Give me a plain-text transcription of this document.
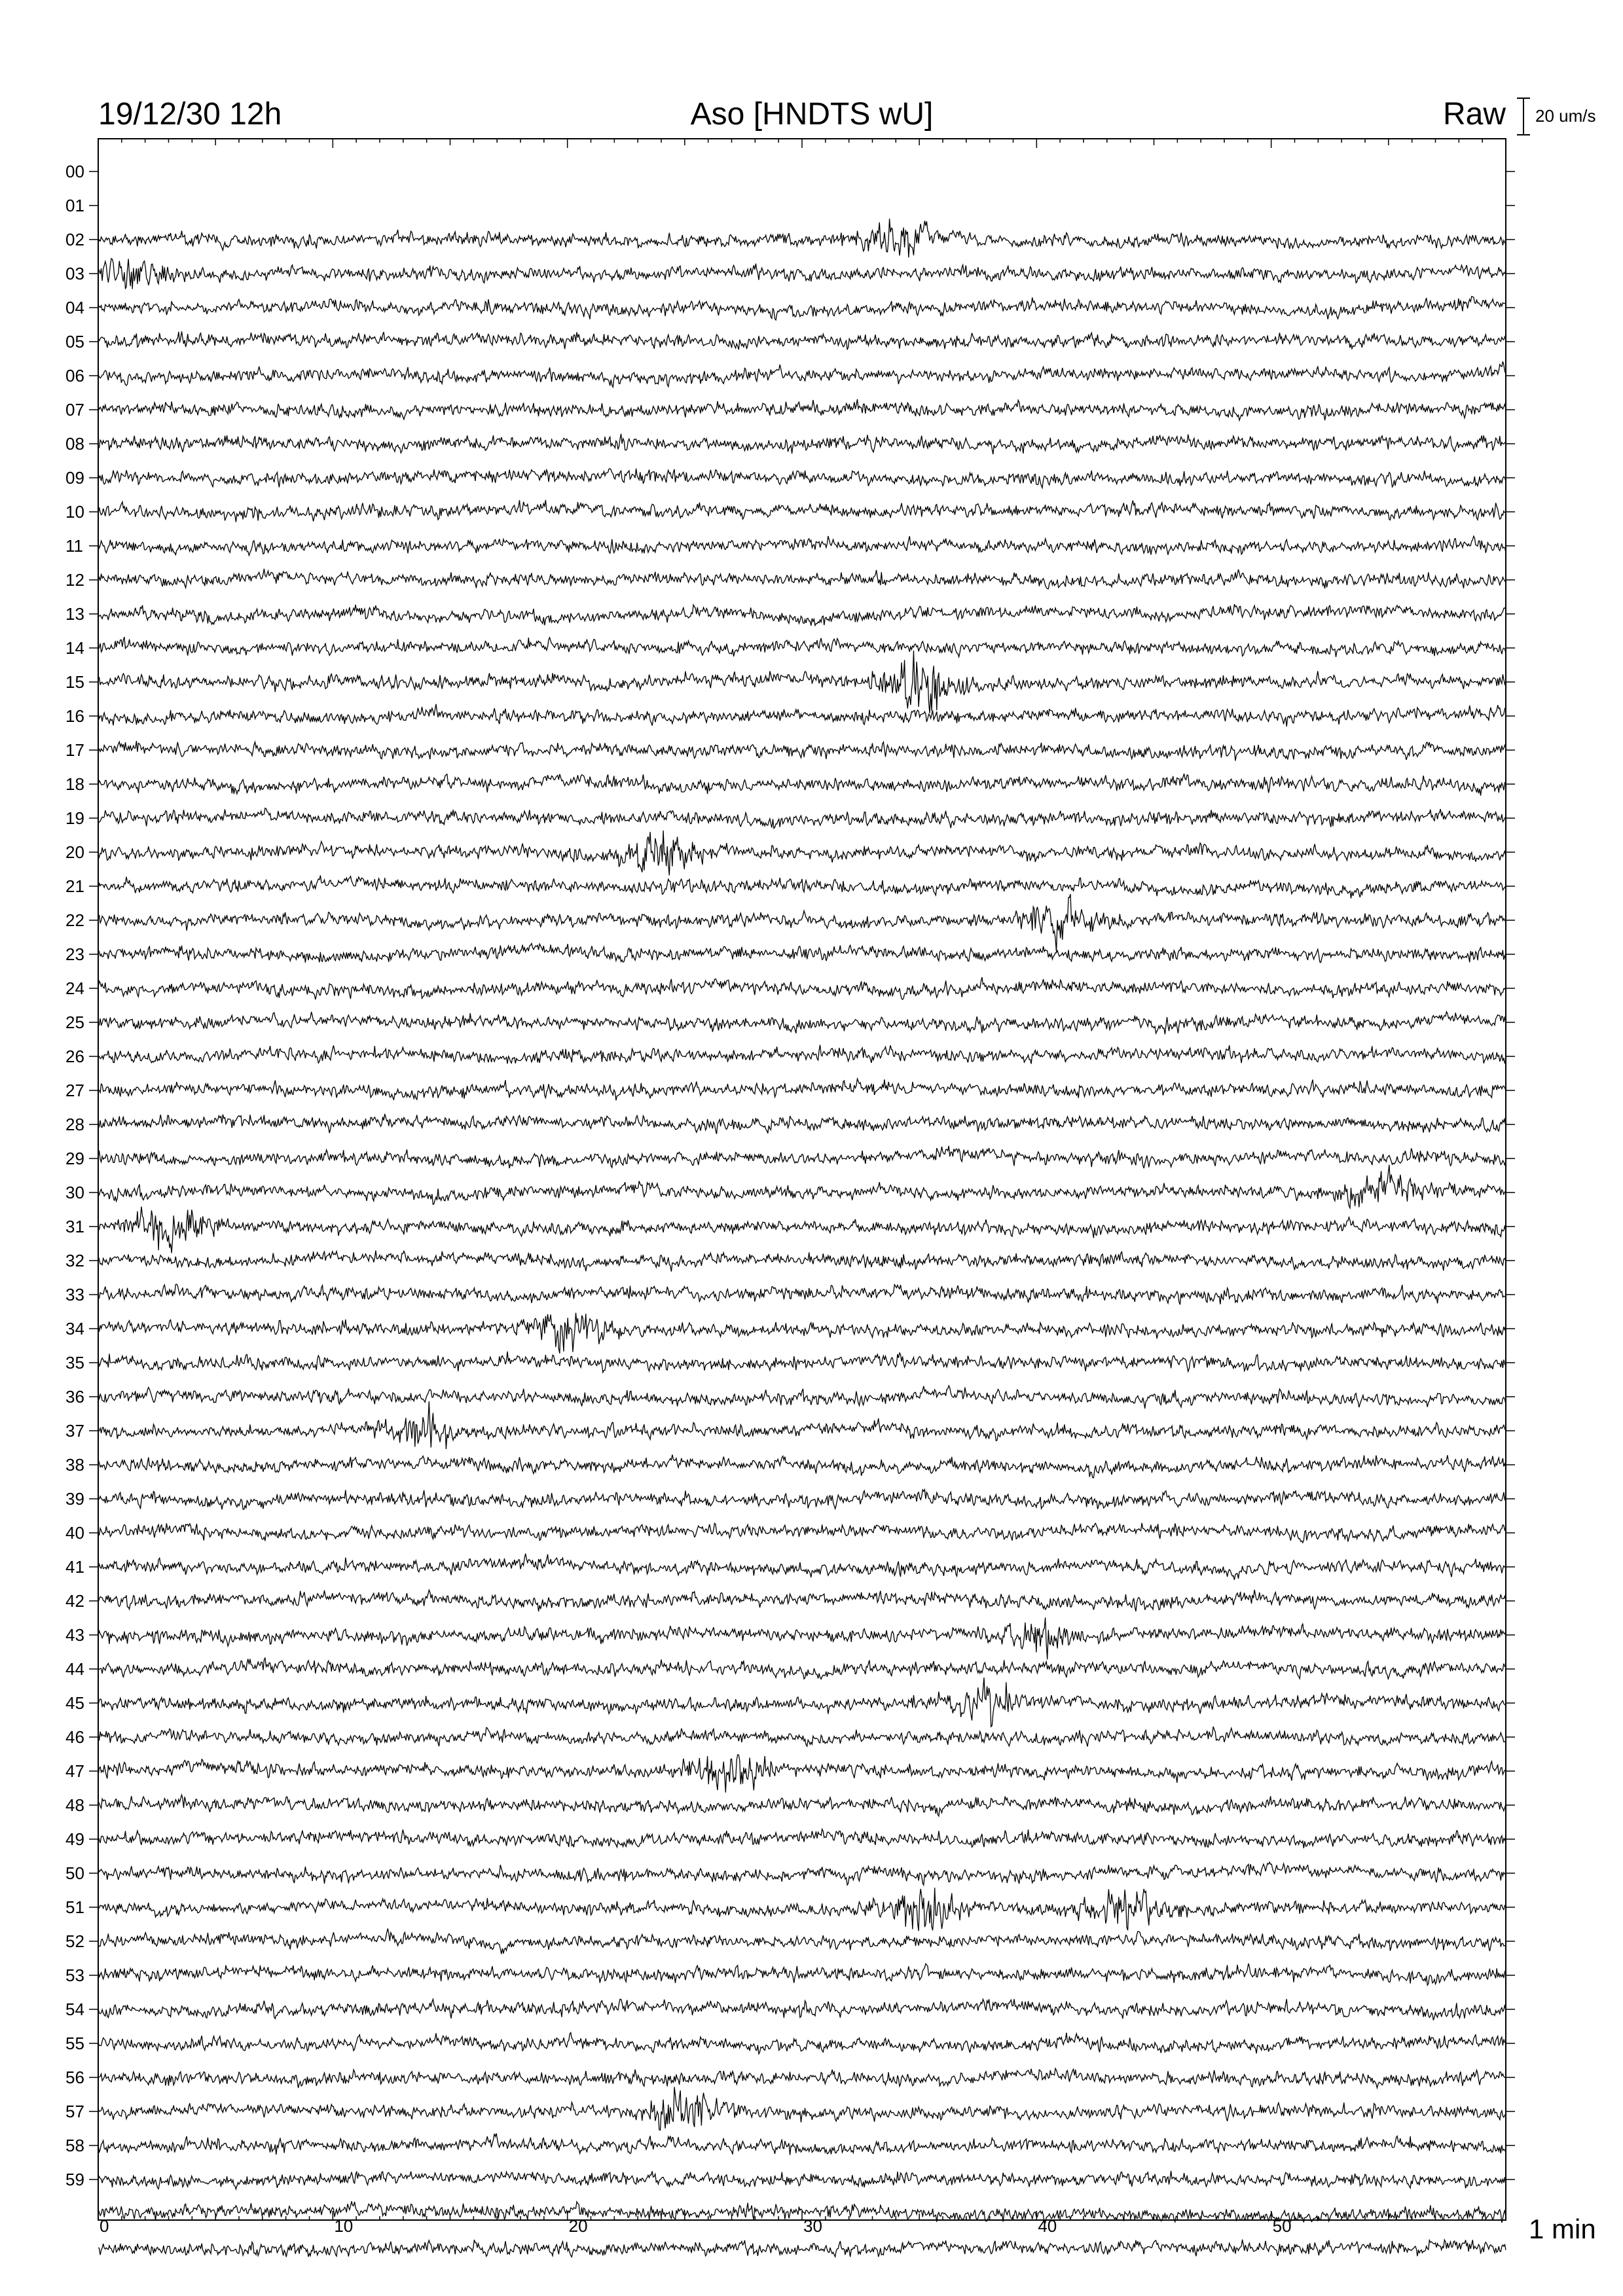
19/12/30 12h	Aso [HNDTS wU]	Raw 20 um/s
0	10	20	30	40	50
00
01
02
03
04
05
06
07
08
09
10
11
12
13
14
15
16
17
18
19
20
21
22
23
24
25
26
27
28
29
30
31
32
33
34
35
36
37
38
39
40
41
42
43
44
45
46
47
48
49
50
51
52
53
54
55
56
57
58
59
1 min
